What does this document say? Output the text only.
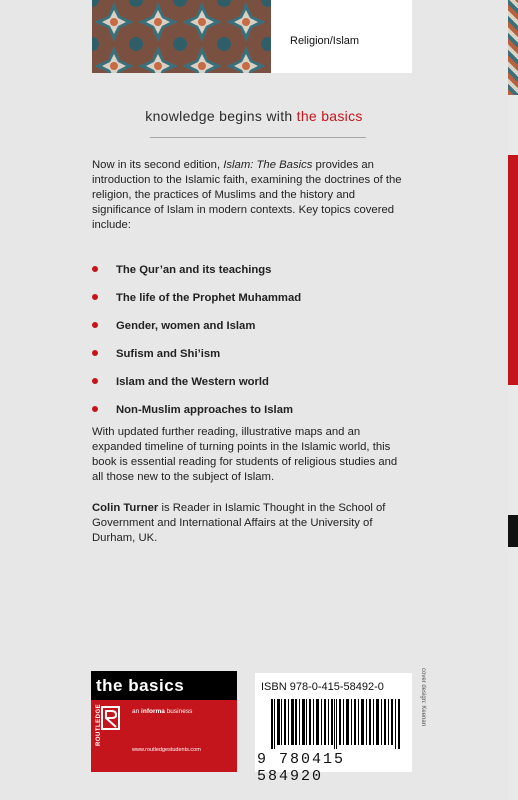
Religion/Islam
knowledge begins with the basics
Now in its second edition, Islam: The Basics provides an introduction to the Islamic faith, examining the doctrines of the religion, the practices of Muslims and the history and significance of Islam in modern contexts. Key topics covered include:
The Qur’an and its teachings
The life of the Prophet Muhammad
Gender, women and Islam
Sufism and Shi’ism
Islam and the Western world
Non-Muslim approaches to Islam
With updated further reading, illustrative maps and an expanded timeline of turning points in the Islamic world, this book is essential reading for students of religious studies and all those new to the subject of Islam.
Colin Turner is Reader in Islamic Thought in the School of Government and International Affairs at the University of Durham, UK.
the basics
ROUTLEDGE	an informa business
www.routledgestudents.com
ISBN 978-0-415-58492-0
9 780415 584920
cover design: Keenan
